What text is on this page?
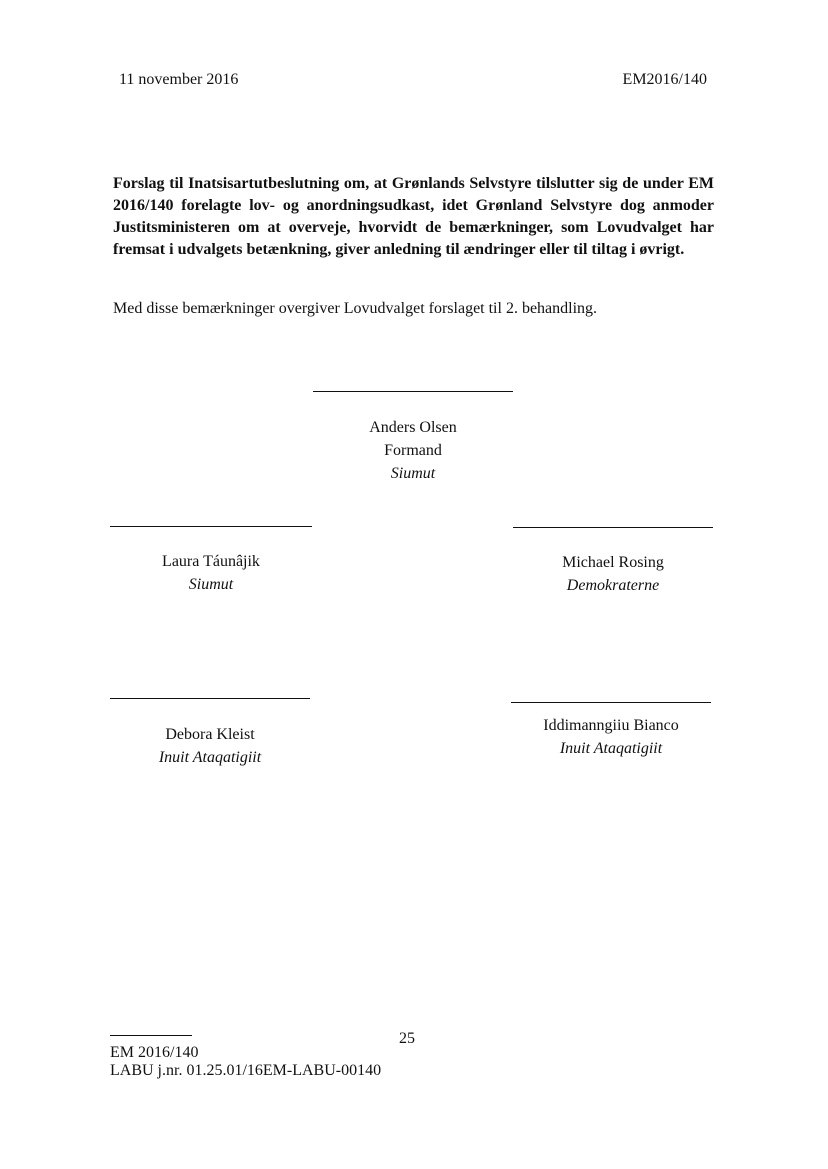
11 november 2016	EM2016/140
Forslag til Inatsisartutbeslutning om, at Grønlands Selvstyre tilslutter sig de under EM 2016/140 forelagte lov- og anordningsudkast, idet Grønland Selvstyre dog anmoder Justitsministeren om at overveje, hvorvidt de bemærkninger, som Lovudvalget har fremsat i udvalgets betænkning, giver anledning til ændringer eller til tiltag i øvrigt.
Med disse bemærkninger overgiver Lovudvalget forslaget til 2. behandling.
Anders Olsen
Formand
Siumut
Laura Táunâjik
Siumut
Michael Rosing
Demokraterne
Debora Kleist
Inuit Ataqatigiit
Iddimanngiiu Bianco
Inuit Ataqatigiit
25
EM 2016/140
LABU j.nr. 01.25.01/16EM-LABU-00140
